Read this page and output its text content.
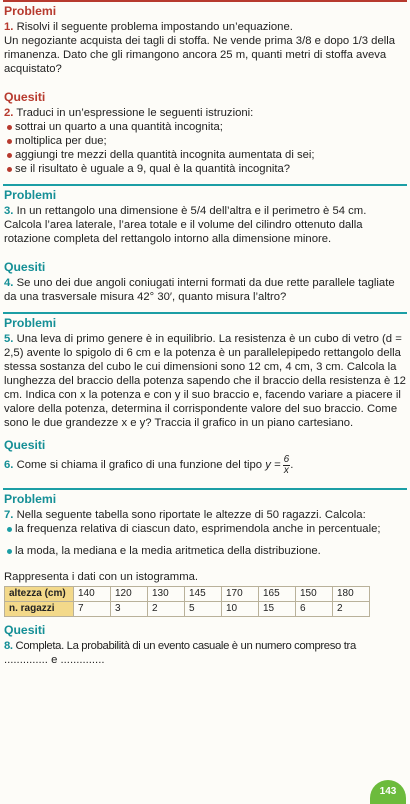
Problemi

1. Risolvi il seguente problema impostando un’equazione.

Un negoziante acquista dei tagli di stoffa. Ne vende prima 3/8 e dopo 1/3 della rimanenza. Dato che gli rimangono ancora 25 m, quanti metri di stoffa aveva acquistato?

Quesiti

2. Traduci in un’espressione le seguenti istruzioni:

sottrai un quarto a una quantità incognita;

moltiplica per due;

aggiungi tre mezzi della quantità incognita aumentata di sei;

se il risultato è uguale a 9, qual è la quantità incognita?

Problemi

3. In un rettangolo una dimensione è 5/4 dell’altra e il perimetro è 54 cm. Calcola l’area laterale, l’area totale e il volume del cilindro ottenuto dalla rotazione completa del rettangolo intorno alla dimensione minore.

Quesiti

4. Se uno dei due angoli coniugati interni formati da due rette parallele tagliate da una trasversale misura 42° 30′, quanto misura l’altro?

Problemi

5. Una leva di primo genere è in equilibrio. La resistenza è un cubo di vetro (d = 2,5) avente lo spigolo di 6 cm e la potenza è un parallelepipedo rettangolo della stessa sostanza del cubo le cui dimensioni sono 12 cm, 4 cm, 3 cm. Calcola la lunghezza del braccio della potenza sapendo che il braccio della resistenza è 12 cm. Indica con x la potenza e con y il suo braccio e, facendo variare a piacere il valore della potenza, determina il corrispondente valore del suo braccio. Come sono le due grandezze x e y? Traccia il grafico in un piano cartesiano.

Quesiti

6. Come si chiama il grafico di una funzione del tipo $y = \frac{6}{x}$ .

Problemi

7. Nella seguente tabella sono riportate le altezze di 50 ragazzi. Calcola:

la frequenza relativa di ciascun dato, esprimendola anche in percentuale;

la moda, la mediana e la media aritmetica della distribuzione.

Rappresenta i dati con un istogramma.

altezza (cm)	140	120	130	145	170	165	150	180
n. ragazzi	7	3	2	5	10	15	6	2
Quesiti

8. Completa. La probabilità di un evento casuale è un numero compreso tra

.............. e ..............

143
